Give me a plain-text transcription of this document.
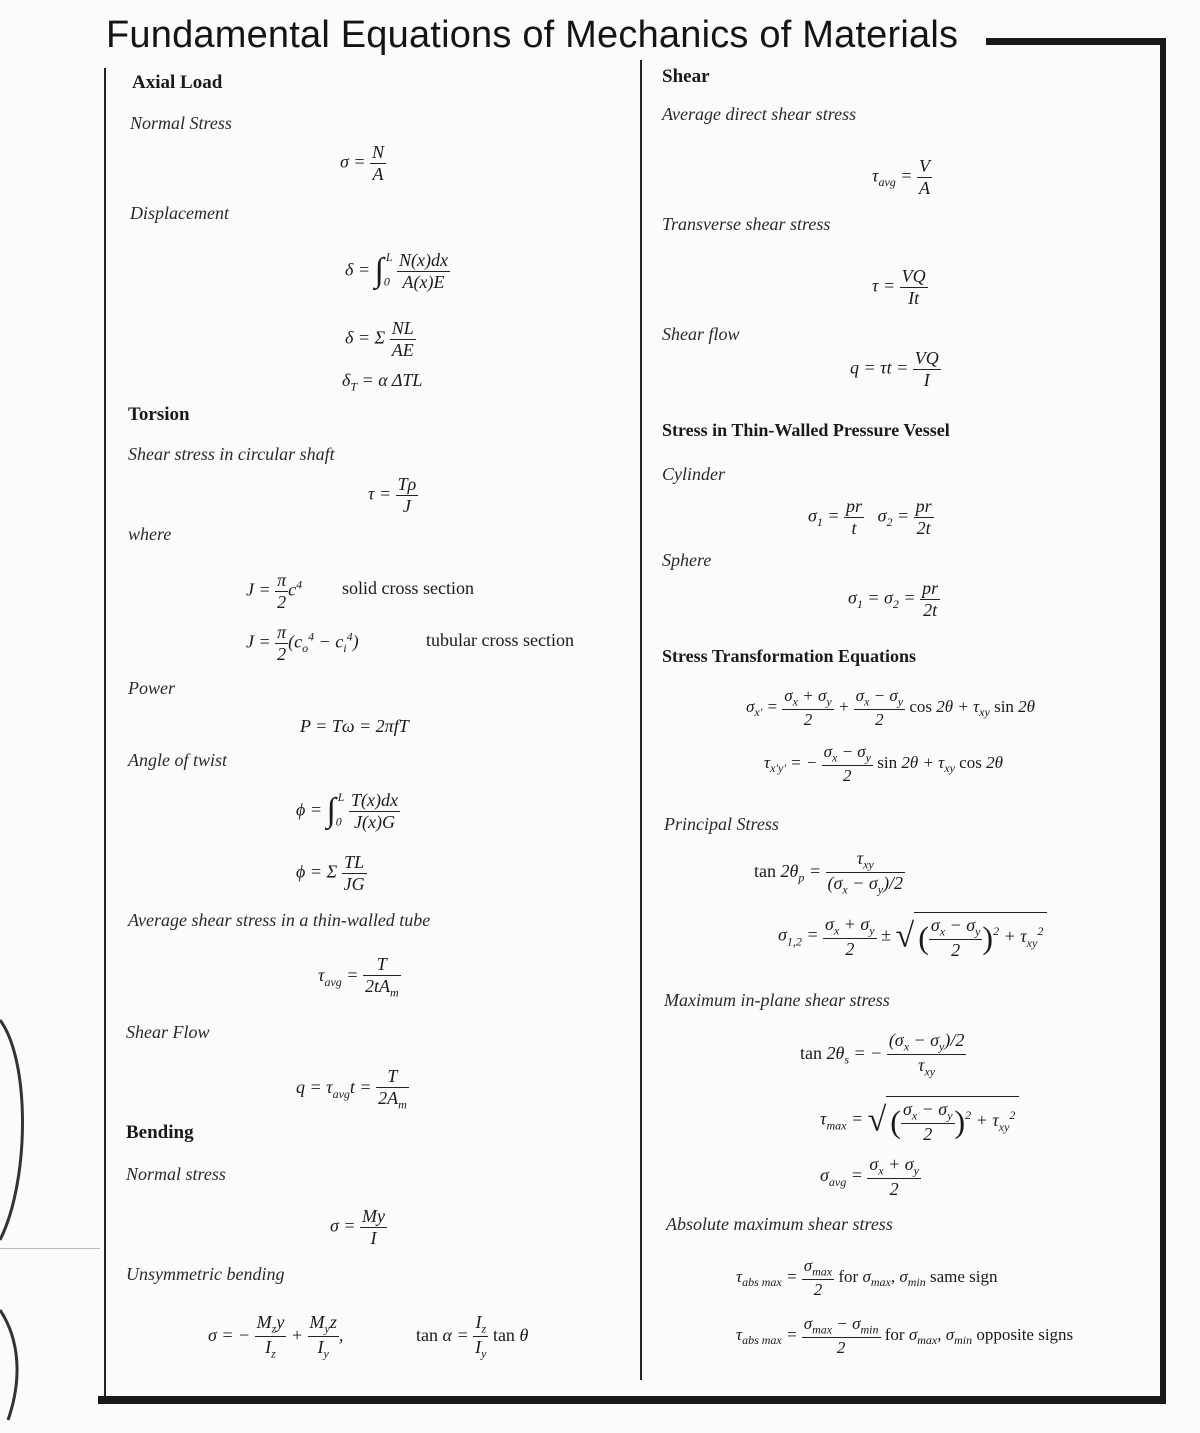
Fundamental Equations of Mechanics of Materials
Axial Load
Normal Stress
$\sigma = \frac{N}{A}$
Displacement
$\delta = \int_0^L \frac{N(x)dx}{A(x)E}$
δ = Σ $\frac{NL}{AE}$
$\delta_T = \alpha$ ΔTL
Torsion
Shear stress in circular shaft
$\tau = \frac{T\rho}{J}$
where
$J = \frac{\pi}{2} c^4$ solid cross section
$J = \frac{\pi}{2} (c_o^4 - c_i^4)$	tubular cross section
Power
P = Tω = 2πfT
Angle of twist
$\phi = \int_0^L \frac{T(x)dx}{J(x)G}$
ϕ = Σ $\frac{TL}{JG}$
Average shear stress in a thin-walled tube
$\tau_{avg} = \frac{T}{2tA_m}$
Shear Flow
$q = \tau_{avg}t = \frac{T}{2A_m}$
Bending
Normal stress
$\sigma = \frac{My}{I}$
Unsymmetric bending
σ = − $\frac{M_zy}{I_z} + \frac{M_yz}{I_y}$ ,	$\tan \alpha = \frac{I_z}{I_y}$ tan θ
Shear
Average direct shear stress
$\tau_{avg} = \frac{V}{A}$
Transverse shear stress
$\tau = \frac{VQ}{It}$
Shear flow
$q = \tau t = \frac{VQ}{I}$
Stress in Thin-Walled Pressure Vessel
Cylinder
$\sigma_1 = \frac{pr}{t} \sigma_2 = \frac{pr}{2t}$
Sphere
$\sigma_1 = \sigma_2 = \frac{pr}{2t}$
Stress Transformation Equations
$\sigma_{x'} = \frac{\sigma_x + \sigma_y}{2} + \frac{\sigma_x - \sigma_y}{2}$ $\cos 2\theta + \tau_{xy}$ sin 2θ
$\tau_{x'y'}$ = − $\frac{\sigma_x - \sigma_y}{2}$ $\sin 2\theta + \tau_{xy}$ cos 2θ
Principal Stress
$\tan 2\theta_p = \frac{\tau_{xy}}{(\sigma_x - \sigma_y)/2}$
$\sigma_{1,2} = \frac{\sigma_x + \sigma_y}{2}$ ± √ ( $\frac{\sigma_x - \sigma_y}{2} )^2 + \tau_{xy}^2$
Maximum in-plane shear stress
$\tan 2\theta_s$ = − $\frac{(\sigma_x - \sigma_y)/2}{\tau_{xy}}$
$\tau_{max}$ = √ ( $\frac{\sigma_x - \sigma_y}{2} )^2 + \tau_{xy}^2$
$\sigma_{avg} = \frac{\sigma_x + \sigma_y}{2}$
Absolute maximum shear stress
$\tau_{abs max} = \frac{\sigma_{max}}{2}$ for $\sigma_{max}$, $\sigma_{min}$ same sign
$\tau_{abs max} = \frac{\sigma_{max} - \sigma_{min}}{2}$ for $\sigma_{max}$, $\sigma_{min}$ opposite signs
